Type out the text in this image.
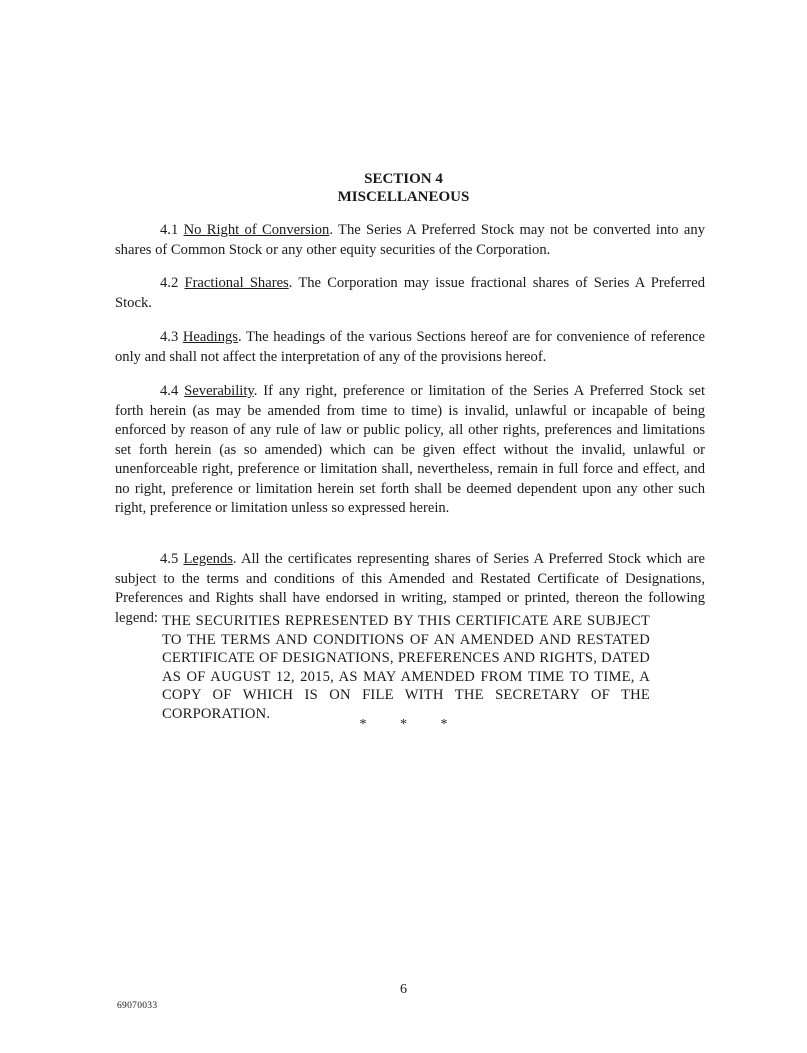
SECTION 4
MISCELLANEOUS

4.1 No Right of Conversion. The Series A Preferred Stock may not be converted into any shares of Common Stock or any other equity securities of the Corporation.

4.2 Fractional Shares. The Corporation may issue fractional shares of Series A Preferred Stock.

4.3 Headings. The headings of the various Sections hereof are for convenience of reference only and shall not affect the interpretation of any of the provisions hereof.

4.4 Severability. If any right, preference or limitation of the Series A Preferred Stock set forth herein (as may be amended from time to time) is invalid, unlawful or incapable of being enforced by reason of any rule of law or public policy, all other rights, preferences and limitations set forth herein (as so amended) which can be given effect without the invalid, unlawful or unenforceable right, preference or limitation shall, nevertheless, remain in full force and effect, and no right, preference or limitation herein set forth shall be deemed dependent upon any other such right, preference or limitation unless so expressed herein.

4.5 Legends. All the certificates representing shares of Series A Preferred Stock which are subject to the terms and conditions of this Amended and Restated Certificate of Designations, Preferences and Rights shall have endorsed in writing, stamped or printed, thereon the following legend: THE SECURITIES REPRESENTED BY THIS CERTIFICATE ARE SUBJECT TO THE TERMS AND CONDITIONS OF AN AMENDED AND RESTATED CERTIFICATE OF DESIGNATIONS, PREFERENCES AND RIGHTS, DATED AS OF AUGUST 12, 2015, AS MAY AMENDED FROM TIME TO TIME, A COPY OF WHICH IS ON FILE WITH THE SECRETARY OF THE CORPORATION.
* * *
6
69070033
